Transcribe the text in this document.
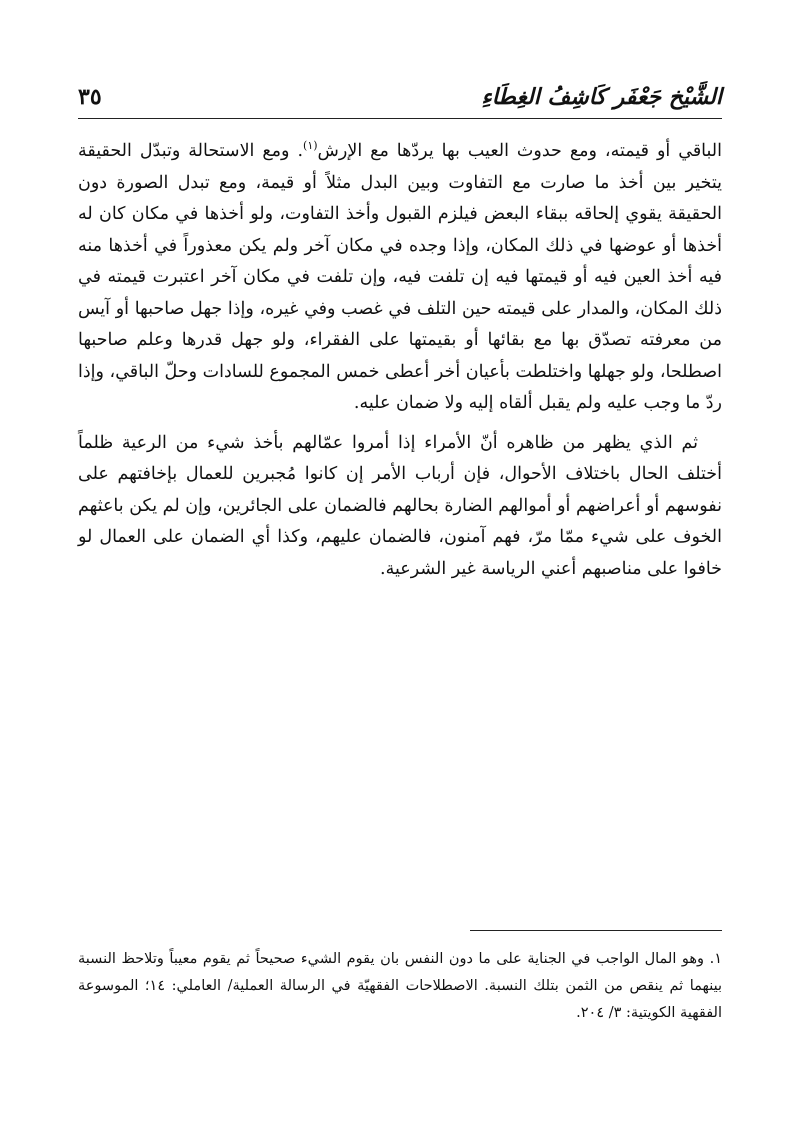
الشَّيْخ جَعْفَر كَاشِفُ الغِطَاءِ
٣٥

الباقي أو قيمته، ومع حدوث العيب بها يردّها مع الإرش$^{(١)}$. ومع الاستحالة وتبدّل الحقيقة يتخير بين أخذ ما صارت مع التفاوت وبين البدل مثلاً أو قيمة، ومع تبدل الصورة دون الحقيقة يقوي إلحاقه ببقاء البعض فيلزم القبول وأخذ التفاوت، ولو أخذها في مكان كان له أخذها أو عوضها في ذلك المكان، وإذا وجده في مكان آخر ولم يكن معذوراً في أخذها منه فيه أخذ العين فيه أو قيمتها فيه إن تلفت فيه، وإن تلفت في مكان آخر اعتبرت قيمته في ذلك المكان، والمدار على قيمته حين التلف في غصب وفي غيره، وإذا جهل صاحبها أو آيس من معرفته تصدّق بها مع بقائها أو بقيمتها على الفقراء، ولو جهل قدرها وعلم صاحبها اصطلحا، ولو جهلها واختلطت بأعيان أخر أعطى خمس المجموع للسادات وحلّ الباقي، وإذا ردّ ما وجب عليه ولم يقبل ألقاه إليه ولا ضمان عليه.

ثم الذي يظهر من ظاهره أنّ الأمراء إذا أمروا عمّالهم بأخذ شيء من الرعية ظلماً أختلف الحال باختلاف الأحوال، فإن أرباب الأمر إن كانوا مُجبرين للعمال بإخافتهم على نفوسهم أو أعراضهم أو أموالهم الضارة بحالهم فالضمان على الجائرين، وإن لم يكن باعثهم الخوف على شيء ممّا مرّ، فهم آمنون، فالضمان عليهم، وكذا أي الضمان على العمال لو خافوا على مناصبهم أعني الرياسة غير الشرعية.

١. وهو المال الواجب في الجناية على ما دون النفس بان يقوم الشيء صحيحاً ثم يقوم معيباً وتلاحظ النسبة بينهما ثم ينقص من الثمن بتلك النسبة. الاصطلاحات الفقهيّة في الرسالة العملية/ العاملي: ١٤؛ الموسوعة الفقهية الكويتية: ٣/ ٢٠٤.
